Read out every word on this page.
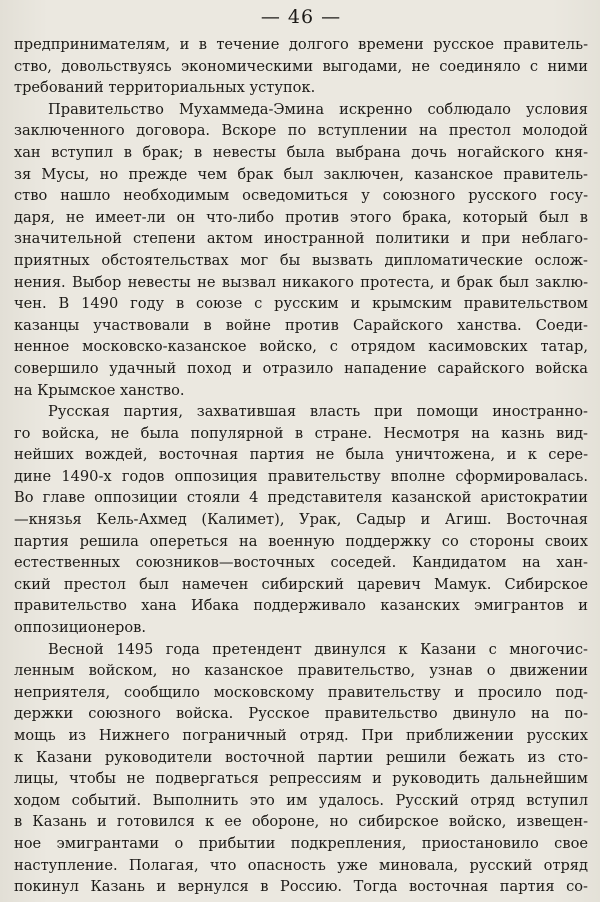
— 46 —
предпринимателям, и в течение долгого времени русское правитель-
ство, довольствуясь экономическими выгодами, не соединяло с ними
требований территориальных уступок.
Правительство Мухаммеда-Эмина искренно соблюдало условия
заключенного договора. Вскоре по вступлении на престол молодой
хан вступил в брак; в невесты была выбрана дочь ногайского кня-
зя Мусы, но прежде чем брак был заключен, казанское правитель-
ство нашло необходимым осведомиться у союзного русского госу-
даря, не имеет-ли он что-либо против этого брака, который был в
значительной степени актом иностранной политики и при неблаго-
приятных обстоятельствах мог бы вызвать дипломатические ослож-
нения. Выбор невесты не вызвал никакого протеста, и брак был заклю-
чен. В 1490 году в союзе с русским и крымским правительством
казанцы участвовали в войне против Сарайского ханства. Соеди-
ненное московско-казанское войско, с отрядом касимовских татар,
совершило удачный поход и отразило нападение сарайского войска
на Крымское ханство.
Русская партия, захватившая власть при помощи иностранно-
го войска, не была популярной в стране. Несмотря на казнь вид-
нейших вождей, восточная партия не была уничтожена, и к сере-
дине 1490-х годов оппозиция правительству вполне сформировалась.
Во главе оппозиции стояли 4 представителя казанской аристократии
—князья Кель-Ахмед (Калимет), Урак, Садыр и Агиш. Восточная
партия решила опереться на военную поддержку со стороны своих
естественных союзников—восточных соседей. Кандидатом на хан-
ский престол был намечен сибирский царевич Мамук. Сибирское
правительство хана Ибака поддерживало казанских эмигрантов и
оппозиционеров.
Весной 1495 года претендент двинулся к Казани с многочис-
ленным войском, но казанское правительство, узнав о движении
неприятеля, сообщило московскому правительству и просило под-
держки союзного войска. Русское правительство двинуло на по-
мощь из Нижнего пограничный отряд. При приближении русских
к Казани руководители восточной партии решили бежать из сто-
лицы, чтобы не подвергаться репрессиям и руководить дальнейшим
ходом событий. Выполнить это им удалось. Русский отряд вступил
в Казань и готовился к ее обороне, но сибирское войско, извещен-
ное эмигрантами о прибытии подкрепления, приостановило свое
наступление. Полагая, что опасность уже миновала, русский отряд
покинул Казань и вернулся в Россию. Тогда восточная партия со-
